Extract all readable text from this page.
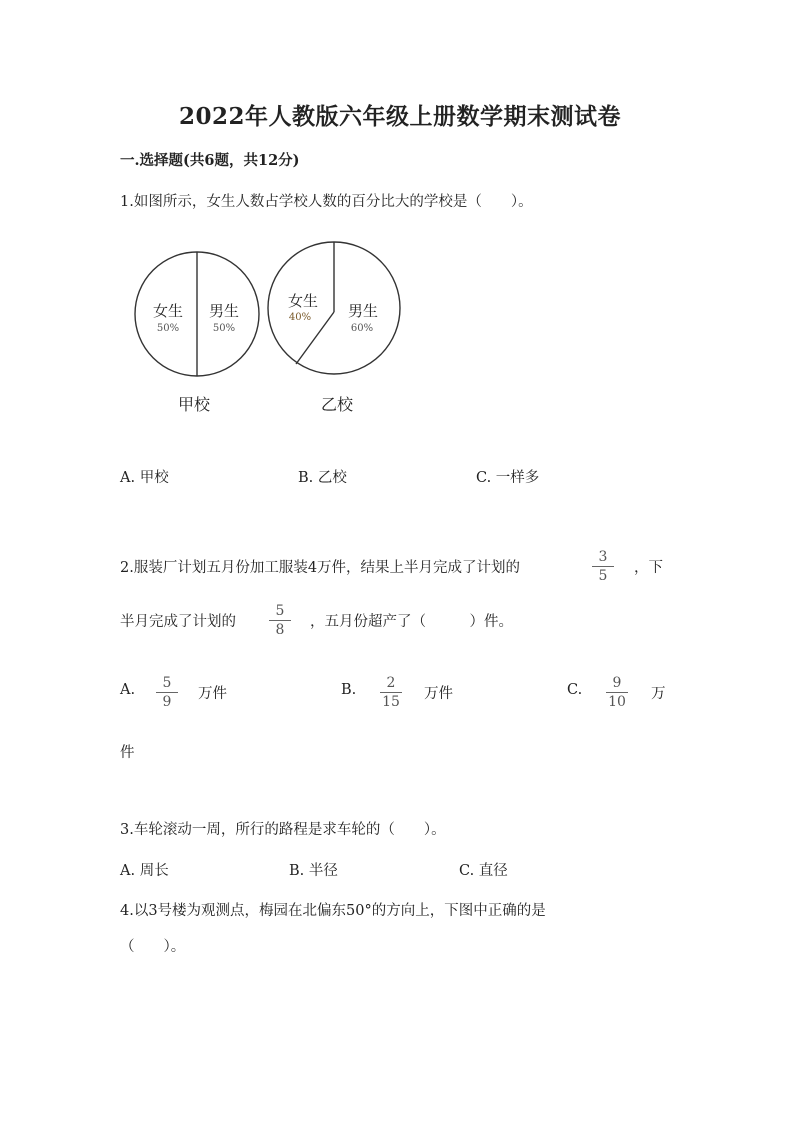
2022年人教版六年级上册数学期末测试卷
一.选择题(共6题，共12分)
1.如图所示，女生人数占学校人数的百分比大的学校是（　　）。
女生
50%
男生
50%
甲校
女生
40% 男生
60%
乙校
A. 甲校	B. 乙校	C. 一样多
2.服装厂计划五月份加工服装4万件，结果上半月完成了计划的
3
5	，下
半月完成了计划的
5
8	，五月份超产了（　　　）件。
A.	5
9	万件	B.	2
15	万件	C.	9
10	万
件
3.车轮滚动一周，所行的路程是求车轮的（　　）。
A. 周长	B. 半径	C. 直径
4.以3号楼为观测点，梅园在北偏东50°的方向上，下图中正确的是
（　　）。
